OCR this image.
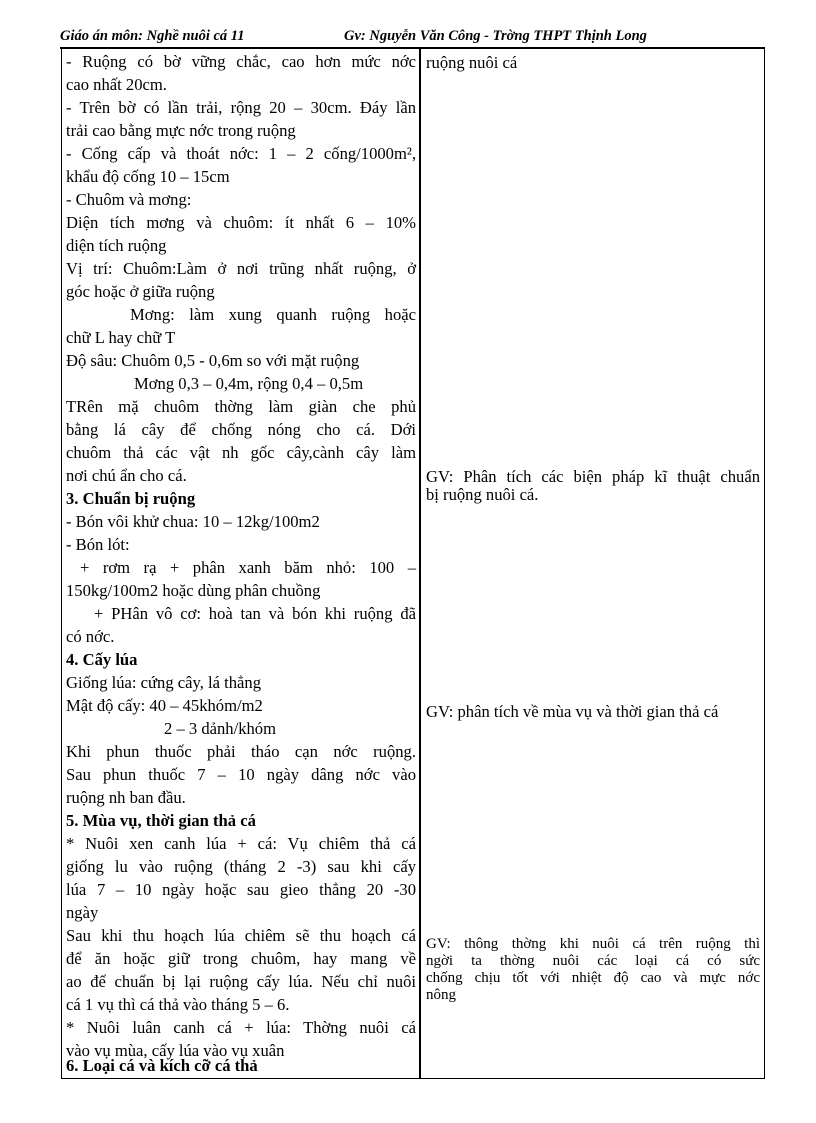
Giáo án môn: Nghề nuôi cá 11	Gv: Nguyễn Văn Công - Trờng THPT Thịnh Long
- Ruộng có bờ vững chắc, cao hơn mức nớc
cao nhất 20cm.
- Trên bờ có lần trải, rộng 20 – 30cm. Đáy lần
trải cao bằng mực nớc trong ruộng
- Cống cấp và thoát nớc: 1 – 2 cống/1000m²,
khẩu độ cống 10 – 15cm
- Chuôm và mơng:
Diện tích mơng và chuôm: ít nhất 6 – 10%
diện tích ruộng
Vị trí: Chuôm:Làm ở nơi trũng nhất ruộng, ở
góc hoặc ở giữa ruộng
Mơng: làm xung quanh ruộng hoặc
chữ L hay chữ T
Độ sâu: Chuôm 0,5 - 0,6m so với mặt ruộng
Mơng 0,3 – 0,4m, rộng 0,4 – 0,5m
TRên mặ chuôm thờng làm giàn che phủ
bằng lá cây để chống nóng cho cá. Dới
chuôm thả các vật nh gốc cây,cành cây làm
nơi chú ẩn cho cá.
3. Chuẩn bị ruộng
- Bón vôi khử chua: 10 – 12kg/100m2
- Bón lót:
+ rơm rạ + phân xanh băm nhỏ: 100 –
150kg/100m2 hoặc dùng phân chuồng
+ PHân vô cơ: hoà tan và bón khi ruộng đã
có nớc.
4. Cấy lúa
Giống lúa: cứng cây, lá thẳng
Mật độ cấy: 40 – 45khóm/m2
2 – 3 dảnh/khóm
Khi phun thuốc phải tháo cạn nớc ruộng.
Sau phun thuốc 7 – 10 ngày dâng nớc vào
ruộng nh ban đầu.
5. Mùa vụ, thời gian thả cá
* Nuôi xen canh lúa + cá: Vụ chiêm thả cá
giống lu vào ruộng (tháng 2 -3) sau khi cấy
lúa 7 – 10 ngày hoặc sau gieo thẳng 20 -30
ngày
Sau khi thu hoạch lúa chiêm sẽ thu hoạch cá
để ăn hoặc giữ trong chuôm, hay mang về
ao để chuẩn bị lại ruộng cấy lúa. Nếu chỉ nuôi
cá 1 vụ thì cá thả vào tháng 5 – 6.
* Nuôi luân canh cá + lúa: Thờng nuôi cá
vào vụ mùa, cấy lúa vào vụ xuân
6. Loại cá và kích cỡ cá thả
ruộng nuôi cá
GV: Phân tích các biện pháp kĩ thuật chuẩn
bị ruộng nuôi cá.
GV: phân tích về mùa vụ và thời gian thả cá
GV: thông thờng khi nuôi cá trên ruộng thì
ngời ta thờng nuôi các loại cá có sức
chống chịu tốt với nhiệt độ cao và mực nớc
nông
